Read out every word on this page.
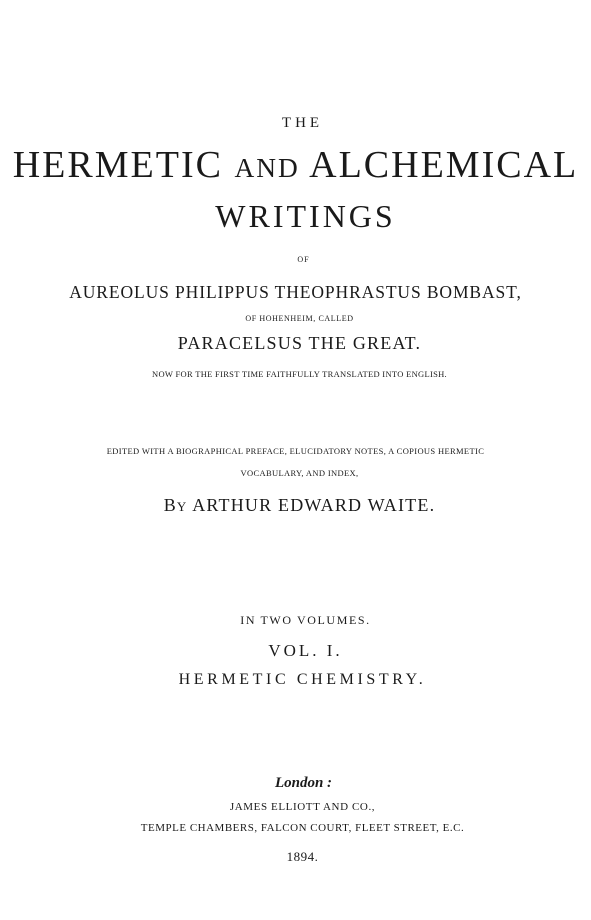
THE
HERMETIC AND ALCHEMICAL
WRITINGS
OF
AUREOLUS PHILIPPUS THEOPHRASTUS BOMBAST,
OF HOHENHEIM, CALLED
PARACELSUS THE GREAT.
NOW FOR THE FIRST TIME FAITHFULLY TRANSLATED INTO ENGLISH.
EDITED WITH A BIOGRAPHICAL PREFACE, ELUCIDATORY NOTES, A COPIOUS HERMETIC
VOCABULARY, AND INDEX,
BY ARTHUR EDWARD WAITE.
IN TWO VOLUMES.
VOL. I.
HERMETIC CHEMISTRY.
London :
JAMES ELLIOTT AND CO.,
TEMPLE CHAMBERS, FALCON COURT, FLEET STREET, E.C.
1894.
